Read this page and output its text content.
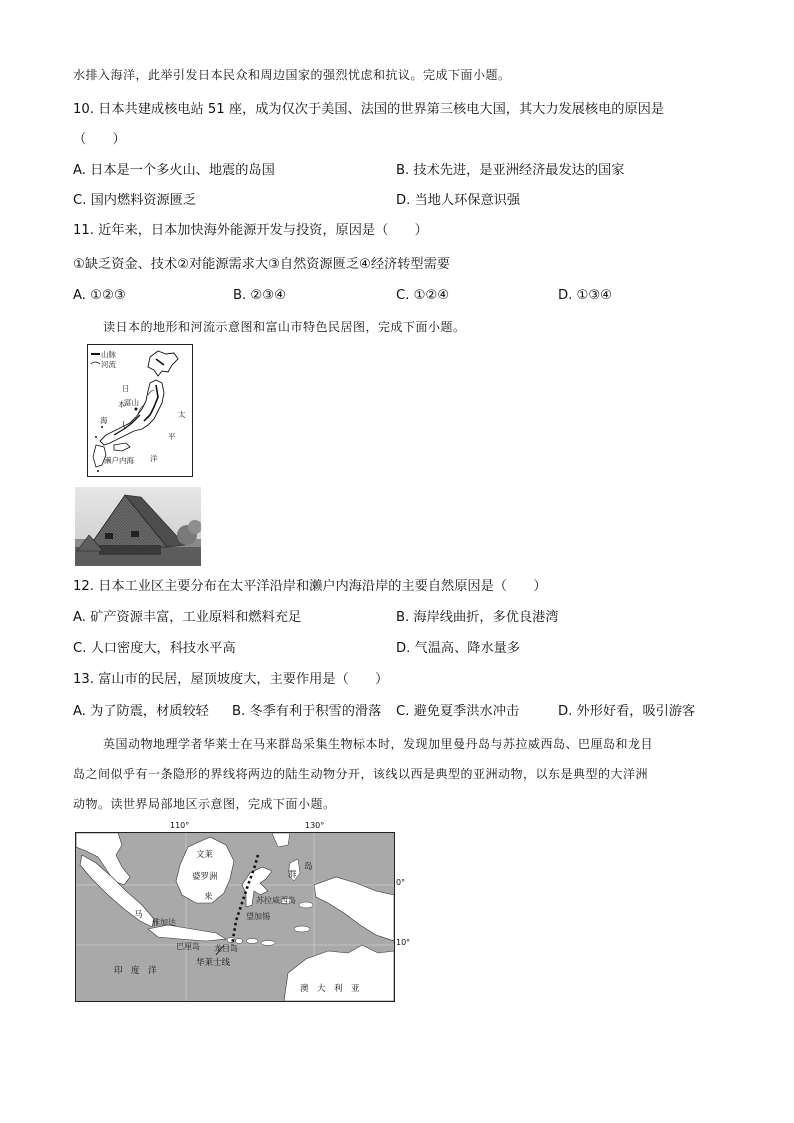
水排入海洋，此举引发日本民众和周边国家的强烈忧虑和抗议。完成下面小题。
10. 日本共建成核电站 51 座，成为仅次于美国、法国的世界第三核电大国，其大力发展核电的原因是
（　　）
A. 日本是一个多火山、地震的岛国	B. 技术先进，是亚洲经济最发达的国家
C. 国内燃料资源匮乏	D. 当地人环保意识强
11. 近年来，日本加快海外能源开发与投资，原因是（　　）
①缺乏资金、技术②对能源需求大③自然资源匮乏④经济转型需要
A. ①②③	B. ②③④	C. ①②④	D. ①③④
读日本的地形和河流示意图和富山市特色民居图，完成下面小题。
山脉
河流
日
本
海
富山
太
平
洋
濑户内海
12. 日本工业区主要分布在太平洋沿岸和濑户内海沿岸的主要自然原因是（　　）
A. 矿产资源丰富，工业原料和燃料充足	B. 海岸线曲折，多优良港湾
C. 人口密度大，科技水平高	D. 气温高、降水量多
13. 富山市的民居，屋顶坡度大，主要作用是（　　）
A. 为了防震，材质较轻 B. 冬季有利于积雪的滑落 C. 避免夏季洪水冲击	D. 外形好看，吸引游客
英国动物地理学者华莱士在马来群岛采集生物标本时，发现加里曼丹岛与苏拉威西岛、巴厘岛和龙目
岛之间似乎有一条隐形的界线将两边的陆生动物分开，该线以西是典型的亚洲动物，以东是典型的大洋洲
动物。读世界局部地区示意图，完成下面小题。
文莱
婆罗洲
来
群
岛
马
苏拉威西岛
雅加达
望加锡
巴厘岛 龙目岛
印　度　洋
华莱士线
澳　大　利　亚
110°	130°
0°
10°
